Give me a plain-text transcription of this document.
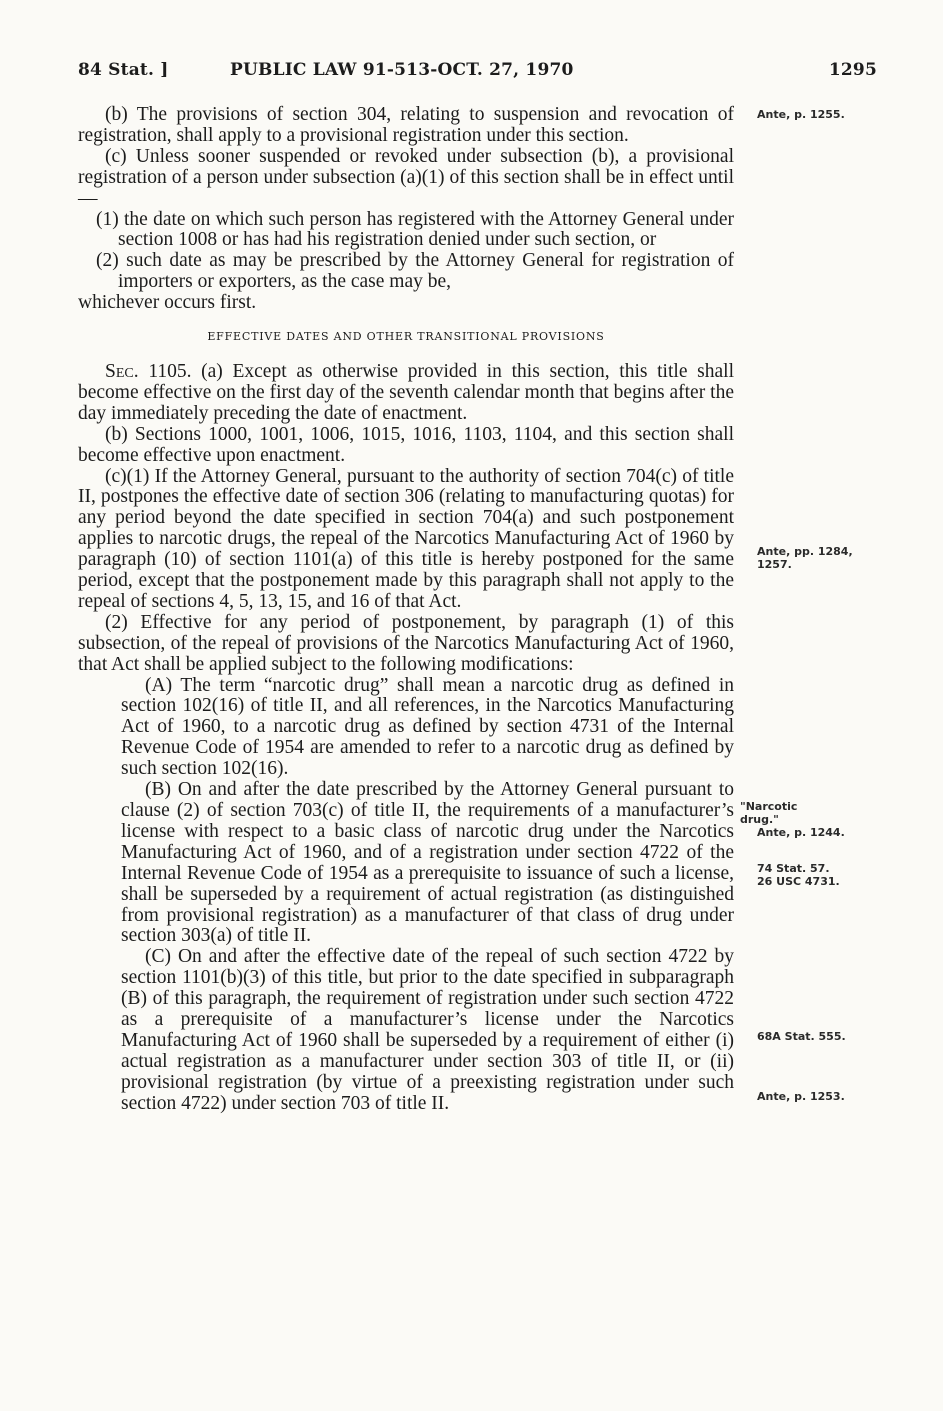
84 Stat. ]	PUBLIC LAW 91-513-OCT. 27, 1970	1295

(b) The provisions of section 304, relating to suspension and revocation of registration, shall apply to a provisional registration under this section.

(c) Unless sooner suspended or revoked under subsection (b), a provisional registration of a person under subsection (a)(1) of this section shall be in effect until—

(1) the date on which such person has registered with the Attorney General under section 1008 or has had his registration denied under such section, or

(2) such date as may be prescribed by the Attorney General for registration of importers or exporters, as the case may be,

whichever occurs first.

EFFECTIVE DATES AND OTHER TRANSITIONAL PROVISIONS

Sec. 1105. (a) Except as otherwise provided in this section, this title shall become effective on the first day of the seventh calendar month that begins after the day immediately preceding the date of enactment.

(b) Sections 1000, 1001, 1006, 1015, 1016, 1103, 1104, and this section shall become effective upon enactment.

(c)(1) If the Attorney General, pursuant to the authority of section 704(c) of title II, postpones the effective date of section 306 (relating to manufacturing quotas) for any period beyond the date specified in section 704(a) and such postponement applies to narcotic drugs, the repeal of the Narcotics Manufacturing Act of 1960 by paragraph (10) of section 1101(a) of this title is hereby postponed for the same period, except that the postponement made by this paragraph shall not apply to the repeal of sections 4, 5, 13, 15, and 16 of that Act.

(2) Effective for any period of postponement, by paragraph (1) of this subsection, of the repeal of provisions of the Narcotics Manufacturing Act of 1960, that Act shall be applied subject to the following modifications:

(A) The term “narcotic drug” shall mean a narcotic drug as defined in section 102(16) of title II, and all references, in the Narcotics Manufacturing Act of 1960, to a narcotic drug as defined by section 4731 of the Internal Revenue Code of 1954 are amended to refer to a narcotic drug as defined by such section 102(16).

(B) On and after the date prescribed by the Attorney General pursuant to clause (2) of section 703(c) of title II, the requirements of a manufacturer’s license with respect to a basic class of narcotic drug under the Narcotics Manufacturing Act of 1960, and of a registration under section 4722 of the Internal Revenue Code of 1954 as a prerequisite to issuance of such a license, shall be superseded by a requirement of actual registration (as distinguished from provisional registration) as a manufacturer of that class of drug under section 303(a) of title II.

(C) On and after the effective date of the repeal of such section 4722 by section 1101(b)(3) of this title, but prior to the date specified in subparagraph (B) of this paragraph, the requirement of registration under such section 4722 as a prerequisite of a manufacturer’s license under the Narcotics Manufacturing Act of 1960 shall be superseded by a requirement of either (i) actual registration as a manufacturer under section 303 of title II, or (ii) provisional registration (by virtue of a preexisting registration under such section 4722) under section 703 of title II.

Ante, p. 1255.
Ante, pp. 1284,
1257.
"Narcotic
drug."
Ante, p. 1244.
74 Stat. 57.
26 USC 4731.
68A Stat. 555.
Ante, p. 1253.
